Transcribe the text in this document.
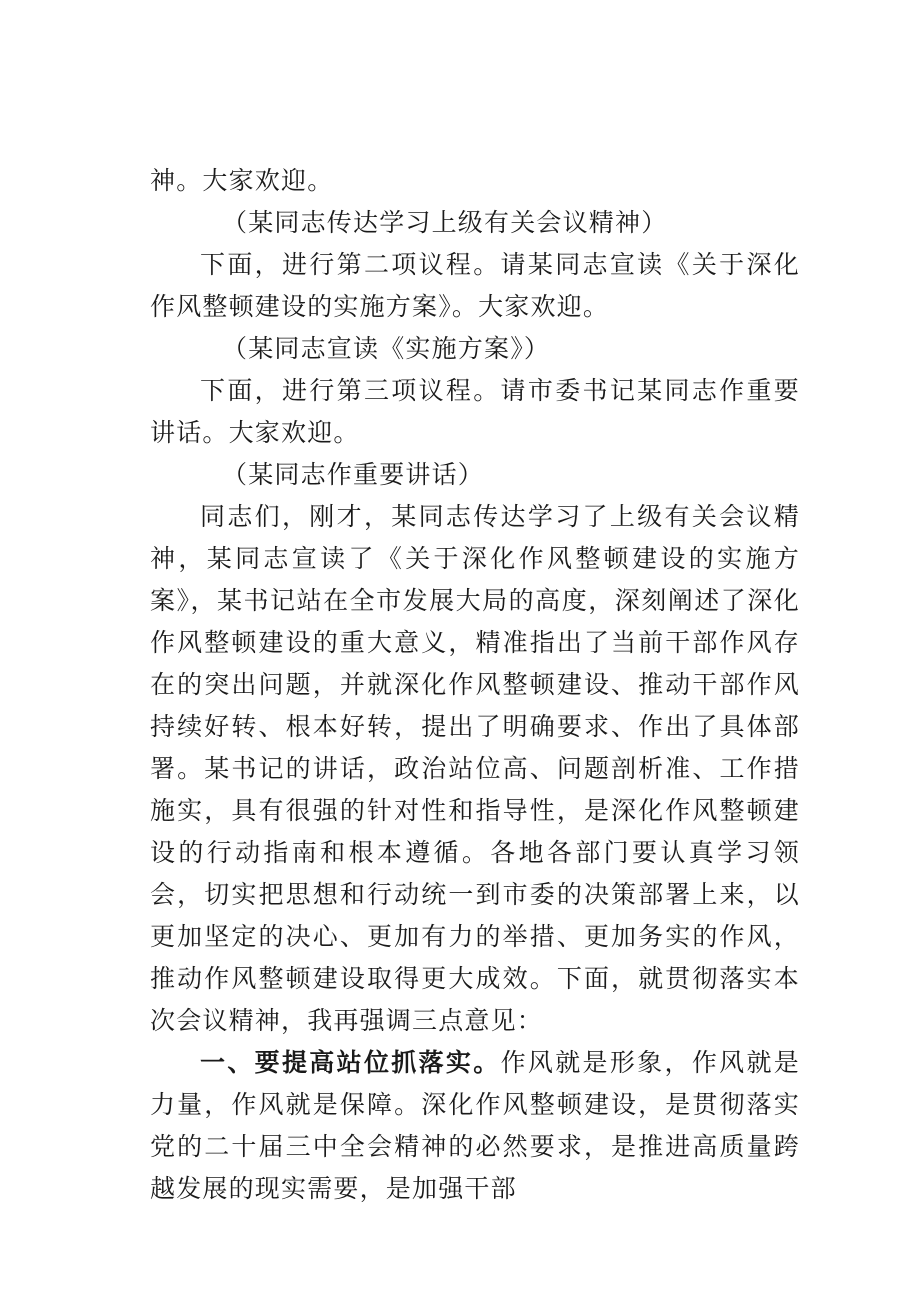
神。大家欢迎。

（某同志传达学习上级有关会议精神）

下面，进行第二项议程。请某同志宣读《关于深化作风整顿建设的实施方案》。大家欢迎。

（某同志宣读《实施方案》）

下面，进行第三项议程。请市委书记某同志作重要讲话。大家欢迎。

（某同志作重要讲话）

同志们，刚才，某同志传达学习了上级有关会议精神，某同志宣读了《关于深化作风整顿建设的实施方案》，某书记站在全市发展大局的高度，深刻阐述了深化作风整顿建设的重大意义，精准指出了当前干部作风存在的突出问题，并就深化作风整顿建设、推动干部作风持续好转、根本好转，提出了明确要求、作出了具体部署。某书记的讲话，政治站位高、问题剖析准、工作措施实，具有很强的针对性和指导性，是深化作风整顿建设的行动指南和根本遵循。各地各部门要认真学习领会，切实把思想和行动统一到市委的决策部署上来，以更加坚定的决心、更加有力的举措、更加务实的作风，推动作风整顿建设取得更大成效。下面，就贯彻落实本次会议精神，我再强调三点意见：

一、要提高站位抓落实。作风就是形象，作风就是力量，作风就是保障。深化作风整顿建设，是贯彻落实党的二十届三中全会精神的必然要求，是推进高质量跨越发展的现实需要，是加强干部
